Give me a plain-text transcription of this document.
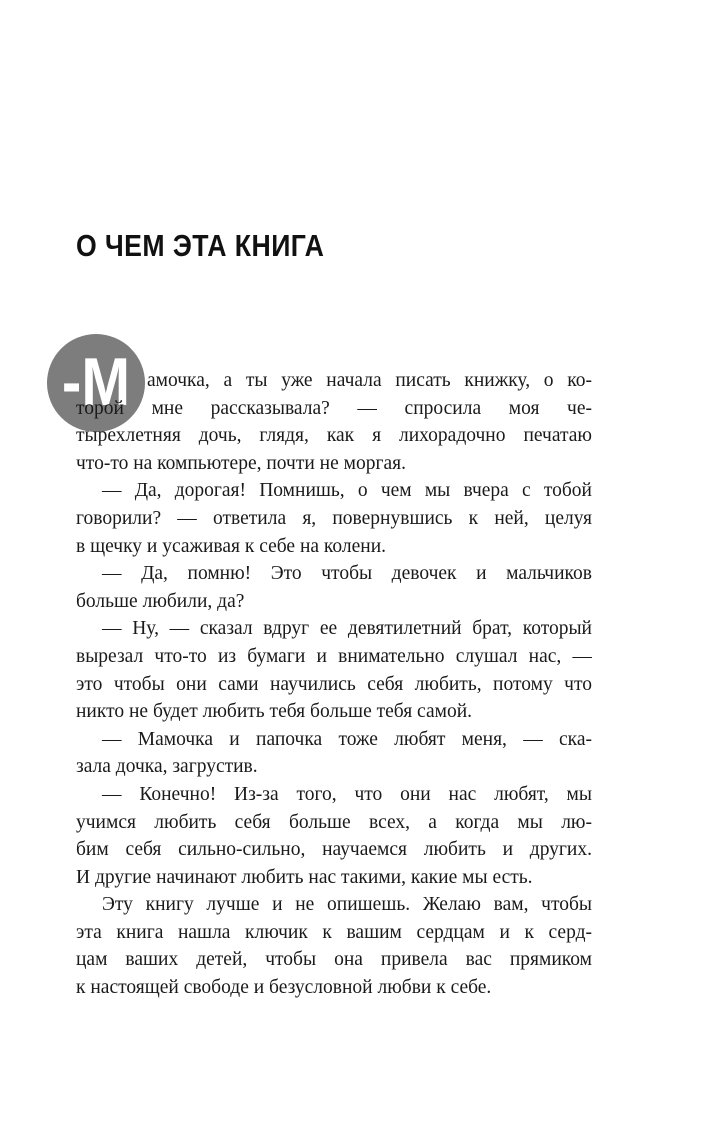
О ЧЕМ ЭТА КНИГА
-М амочка, а ты уже начала писать книжку, о ко-
торой мне рассказывала? — спросила моя че-
тырехлетняя дочь, глядя, как я лихорадочно печатаю
что-то на компьютере, почти не моргая.
— Да, дорогая! Помнишь, о чем мы вчера с тобой
говорили? — ответила я, повернувшись к ней, целуя
в щечку и усаживая к себе на колени.
— Да, помню! Это чтобы девочек и мальчиков
больше любили, да?
— Ну, — сказал вдруг ее девятилетний брат, который
вырезал что-то из бумаги и внимательно слушал нас, —
это чтобы они сами научились себя любить, потому что
никто не будет любить тебя больше тебя самой.
— Мамочка и папочка тоже любят меня, — ска-
зала дочка, загрустив.
— Конечно! Из-за того, что они нас любят, мы
учимся любить себя больше всех, а когда мы лю-
бим себя сильно-сильно, научаемся любить и других.
И другие начинают любить нас такими, какие мы есть.
Эту книгу лучше и не опишешь. Желаю вам, чтобы
эта книга нашла ключик к вашим сердцам и к серд-
цам ваших детей, чтобы она привела вас прямиком
к настоящей свободе и безусловной любви к себе.
